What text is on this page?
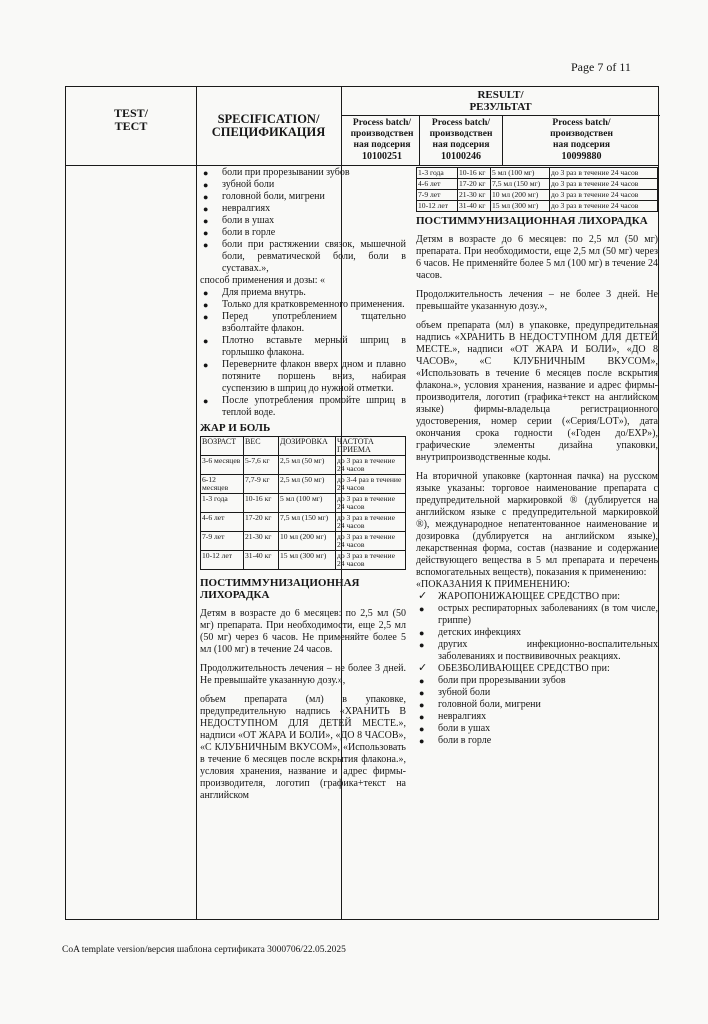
Page 7 of 11
TEST/
ТЕСТ	SPECIFICATION/
СПЕЦИФИКАЦИЯ
RESULT/
РЕЗУЛЬТАТ
Process batch/
производствен
ная подсерия
10100251
Process batch/
производствен
ная подсерия
10100246
Process batch/
производствен
ная подсерия
10099880
● боли при прорезывании зубов
● зубной боли
● головной боли, мигрени
● невралгиях
● боли в ушах
● боли в горле
● боли при растяжении связок, мышечной боли, ревматической боли, боли в суставах.»,

способ применения и дозы: «

● Для приема внутрь.
● Только для кратковременного применения.
● Перед употреблением тщательно взболтайте флакон.
● Плотно вставьте мерный шприц в горлышко флакона.
● Переверните флакон вверх дном и плавно потяните поршень вниз, набирая суспензию в шприц до нужной отметки.
● После употребления промойте шприц в теплой воде.
ЖАР И БОЛЬ
ВОЗРАСТ	ВЕС	ДОЗИРОВКА	ЧАСТОТА ПРИЕМА
3-6 месяцев	5-7,6 кг	2,5 мл (50 мг)	до 3 раз в течение 24 часов
6-12 месяцев	7,7-9 кг	2,5 мл (50 мг)	до 3-4 раз в течение 24 часов
1-3 года	10-16 кг	5 мл (100 мг)	до 3 раз в течение 24 часов
4-6 лет	17-20 кг	7,5 мл (150 мг)	до 3 раз в течение 24 часов
7-9 лет	21-30 кг	10 мл (200 мг)	до 3 раз в течение 24 часов
10-12 лет	31-40 кг	15 мл (300 мг)	до 3 раз в течение 24 часов
ПОСТИММУНИЗАЦИОННАЯ ЛИХОРАДКА

Детям в возрасте до 6 месяцев: по 2,5 мл (50 мг) препарата. При необходимости, еще 2,5 мл (50 мг) через 6 часов. Не применяйте более 5 мл (100 мг) в течение 24 часов.

Продолжительность лечения – не более 3 дней. Не превышайте указанную дозу.»,

объем препарата (мл) в упаковке, предупредительную надпись «ХРАНИТЬ В НЕДОСТУПНОМ ДЛЯ ДЕТЕЙ МЕСТЕ.», надписи «ОТ ЖАРА И БОЛИ», «ДО 8 ЧАСОВ», «С КЛУБНИЧНЫМ ВКУСОМ», «Использовать в течение 6 месяцев после вскрытия флакона.», условия хранения, название и адрес фирмы-производителя, логотип (графика+текст на английском

1-3 года	10-16 кг	5 мл (100 мг)	до 3 раз в течение 24 часов
4-6 лет	17-20 кг	7,5 мл (150 мг)	до 3 раз в течение 24 часов
7-9 лет	21-30 кг	10 мл (200 мг)	до 3 раз в течение 24 часов
10-12 лет	31-40 кг	15 мл (300 мг)	до 3 раз в течение 24 часов
ПОСТИММУНИЗАЦИОННАЯ ЛИХОРАДКА

Детям в возрасте до 6 месяцев: по 2,5 мл (50 мг) препарата. При необходимости, еще 2,5 мл (50 мг) через 6 часов. Не применяйте более 5 мл (100 мг) в течение 24 часов.

Продолжительность лечения – не более 3 дней. Не превышайте указанную дозу.»,

объем препарата (мл) в упаковке, предупредительная надпись «ХРАНИТЬ В НЕДОСТУПНОМ ДЛЯ ДЕТЕЙ МЕСТЕ.», надписи «ОТ ЖАРА И БОЛИ», «ДО 8 ЧАСОВ», «С КЛУБНИЧНЫМ ВКУСОМ», «Использовать в течение 6 месяцев после вскрытия флакона.», условия хранения, название и адрес фирмы-производителя, логотип (графика+текст на английском языке) фирмы-владельца регистрационного удостоверения, номер серии («Серия/LOT»), дата окончания срока годности («Годен до/EXP»), графические элементы дизайна упаковки, внутрипроизводственные коды.

На вторичной упаковке (картонная пачка) на русском языке указаны: торговое наименование препарата с предупредительной маркировкой ® (дублируется на английском языке с предупредительной маркировкой ®), международное непатентованное наименование и дозировка (дублируется на английском языке), лекарственная форма, состав (название и содержание действующего вещества в 5 мл препарата и перечень вспомогательных веществ), показания к применению:

«ПОКАЗАНИЯ К ПРИМЕНЕНИЮ:

✓ ЖАРОПОНИЖАЮЩЕЕ СРЕДСТВО при:
● острых респираторных заболеваниях (в том числе, гриппе)
● детских инфекциях
● других инфекционно-воспалительных заболеваниях и поствививочных реакциях.
✓ ОБЕЗБОЛИВАЮЩЕЕ СРЕДСТВО при:
● боли при прорезывании зубов
● зубной боли
● головной боли, мигрени
● невралгиях
● боли в ушах
● боли в горле
CoA template version/версия шаблона сертификата 3000706/22.05.2025
